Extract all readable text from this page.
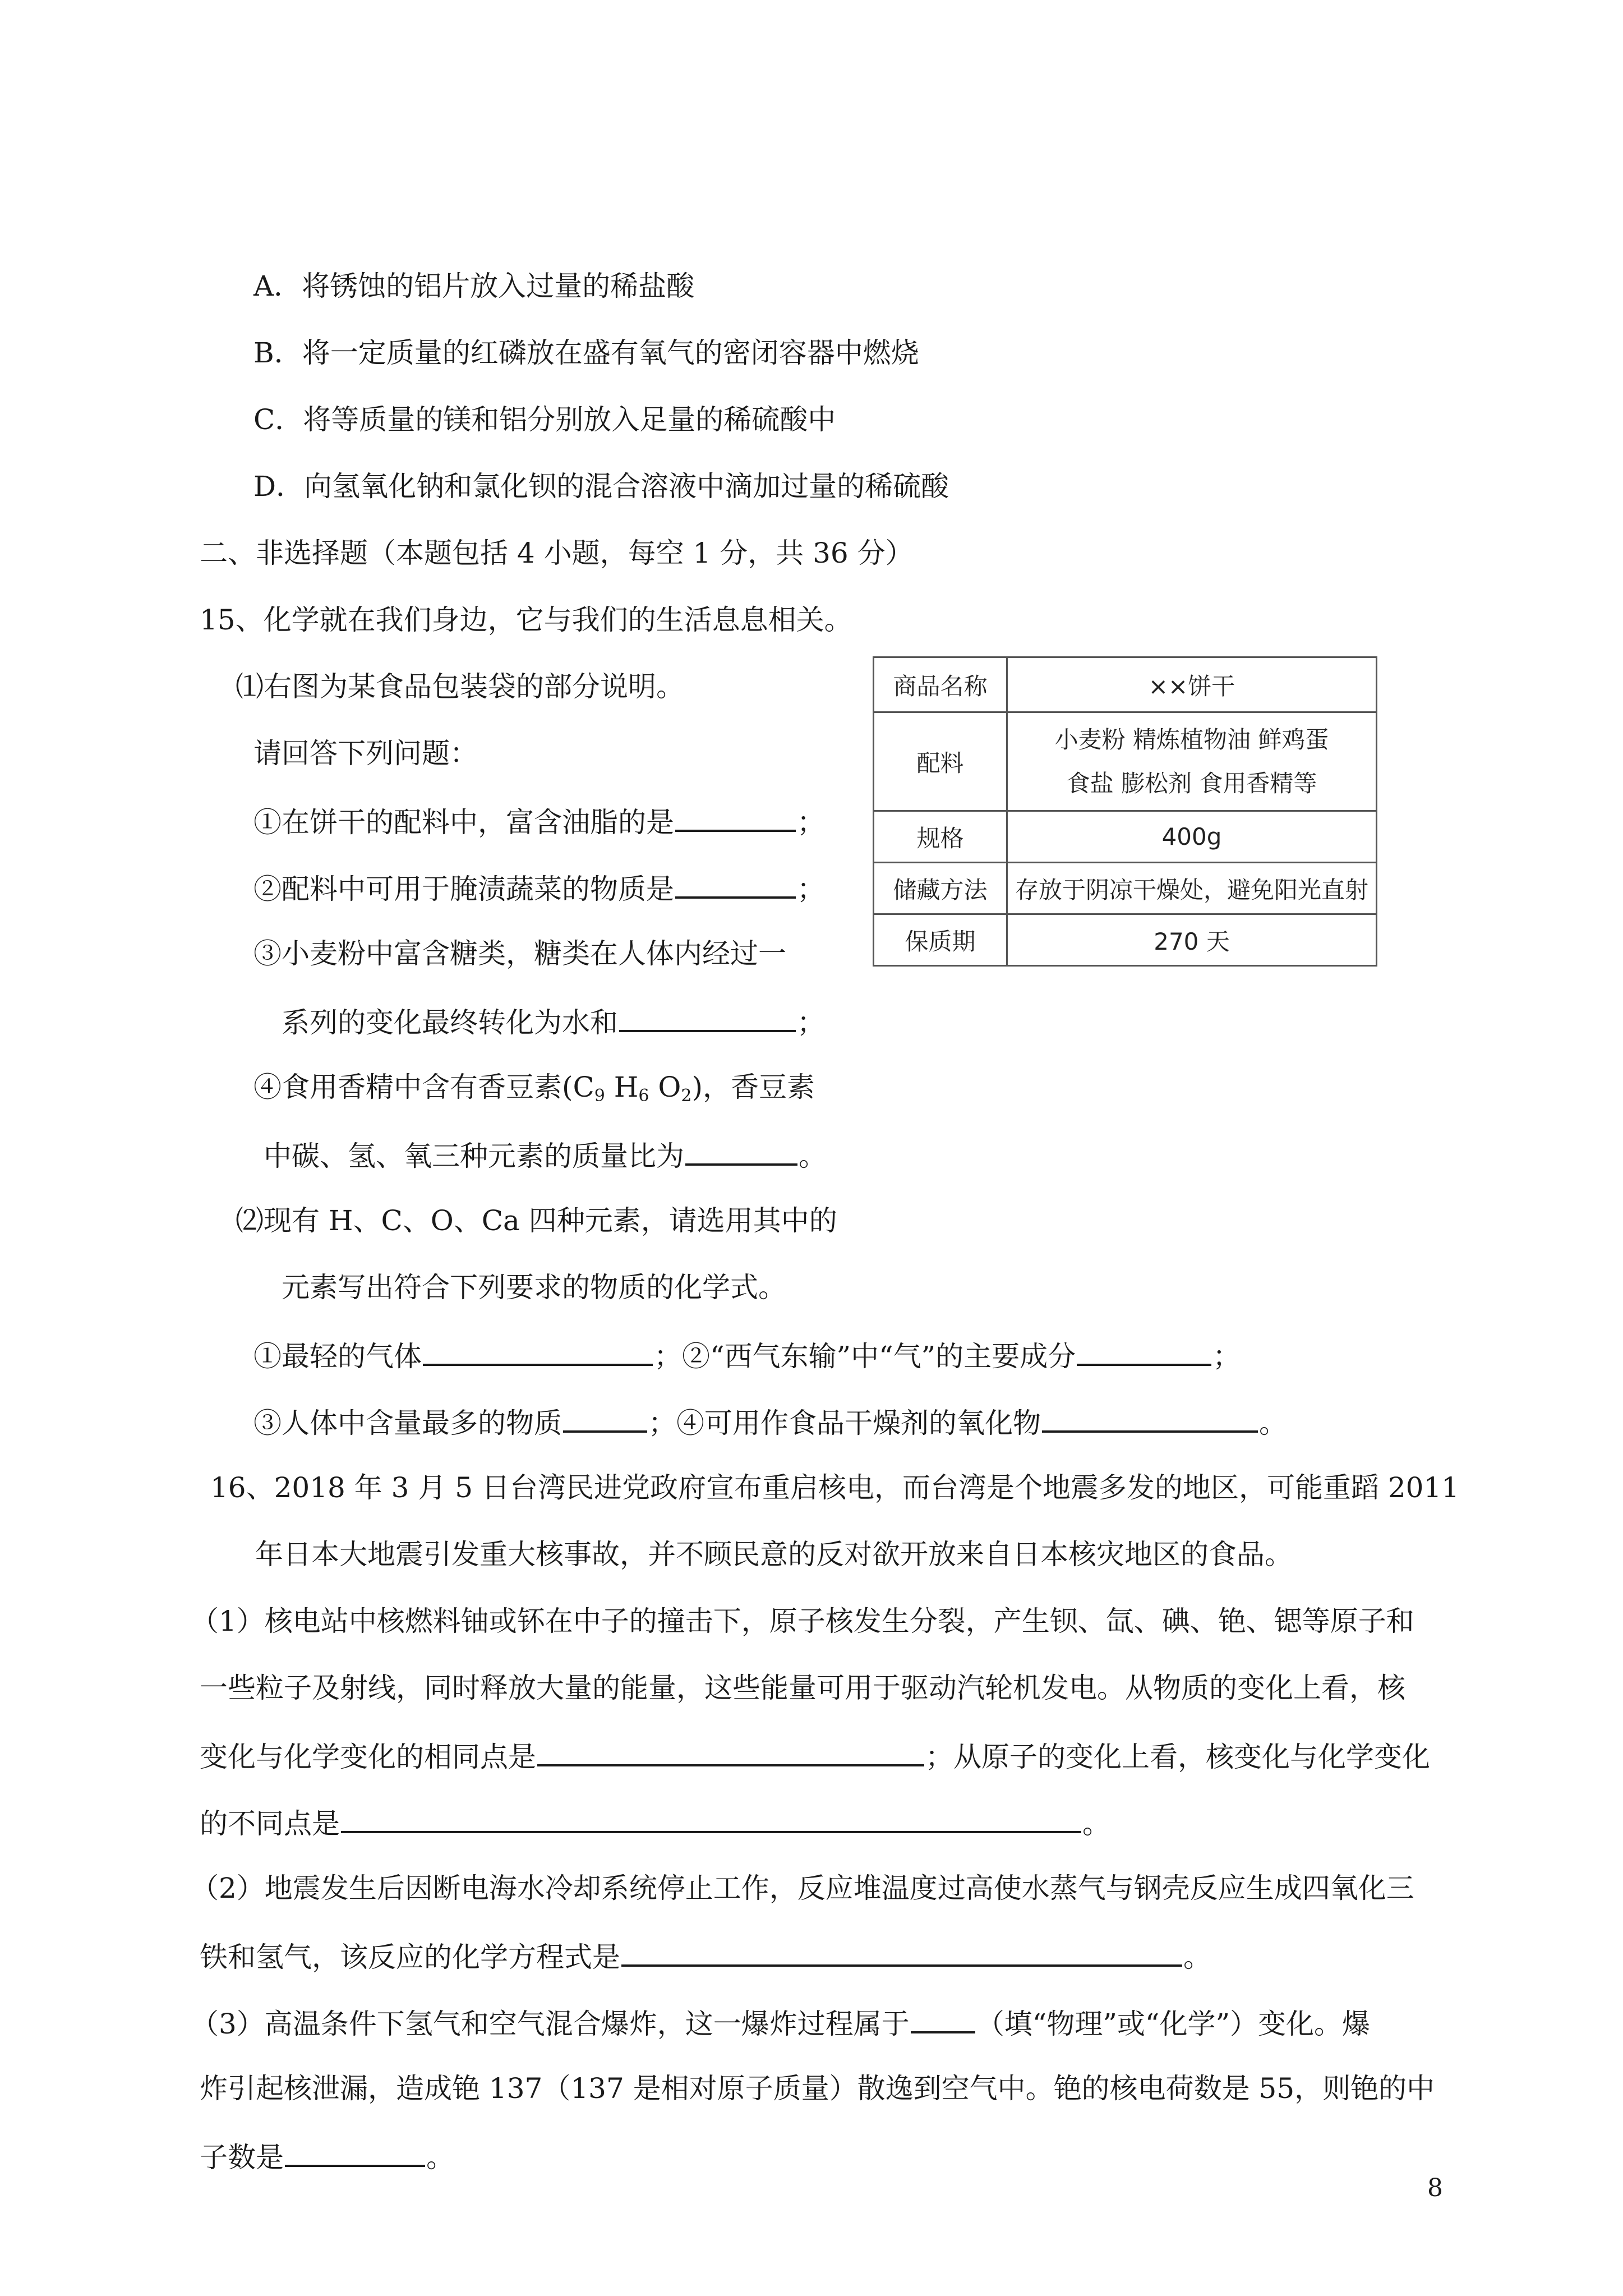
A．将锈蚀的铝片放入过量的稀盐酸
B．将一定质量的红磷放在盛有氧气的密闭容器中燃烧
C．将等质量的镁和铝分别放入足量的稀硫酸中
D．向氢氧化钠和氯化钡的混合溶液中滴加过量的稀硫酸
二、非选择题（本题包括 4 小题，每空 1 分，共 36 分）
15、化学就在我们身边，它与我们的生活息息相关。
⑴右图为某食品包装袋的部分说明。
请回答下列问题：
①在饼干的配料中，富含油脂的是	；
②配料中可用于腌渍蔬菜的物质是	；
③小麦粉中富含糖类，糖类在人体内经过一
系列的变化最终转化为水和	；
④食用香精中含有香豆素($C_9$ $H_6$ $O_2$)，香豆素
中碳、氢、氧三种元素的质量比为	。
⑵现有 H、C、O、Ca 四种元素，请选用其中的
元素写出符合下列要求的物质的化学式。
①最轻的气体	；②“西气东输”中“气”的主要成分	；
③人体中含量最多的物质	；④可用作食品干燥剂的氧化物	。
商品名称	××饼干
配料	小麦粉 精炼植物油 鲜鸡蛋
食盐 膨松剂 食用香精等

规格	400g
储藏方法	存放于阴凉干燥处，避免阳光直射
保质期	270 天
16、2018 年 3 月 5 日台湾民进党政府宣布重启核电，而台湾是个地震多发的地区，可能重蹈 2011
年日本大地震引发重大核事故，并不顾民意的反对欲开放来自日本核灾地区的食品。
（1）核电站中核燃料铀或钚在中子的撞击下，原子核发生分裂，产生钡、氙、碘、铯、锶等原子和
一些粒子及射线，同时释放大量的能量，这些能量可用于驱动汽轮机发电。从物质的变化上看，核
变化与化学变化的相同点是	；从原子的变化上看，核变化与化学变化
的不同点是	。
（2）地震发生后因断电海水冷却系统停止工作，反应堆温度过高使水蒸气与钢壳反应生成四氧化三
铁和氢气，该反应的化学方程式是	。
（3）高温条件下氢气和空气混合爆炸，这一爆炸过程属于 （填“物理”或“化学”）变化。爆
炸引起核泄漏，造成铯 137（137 是相对原子质量）散逸到空气中。铯的核电荷数是 55，则铯的中
子数是	。
8
